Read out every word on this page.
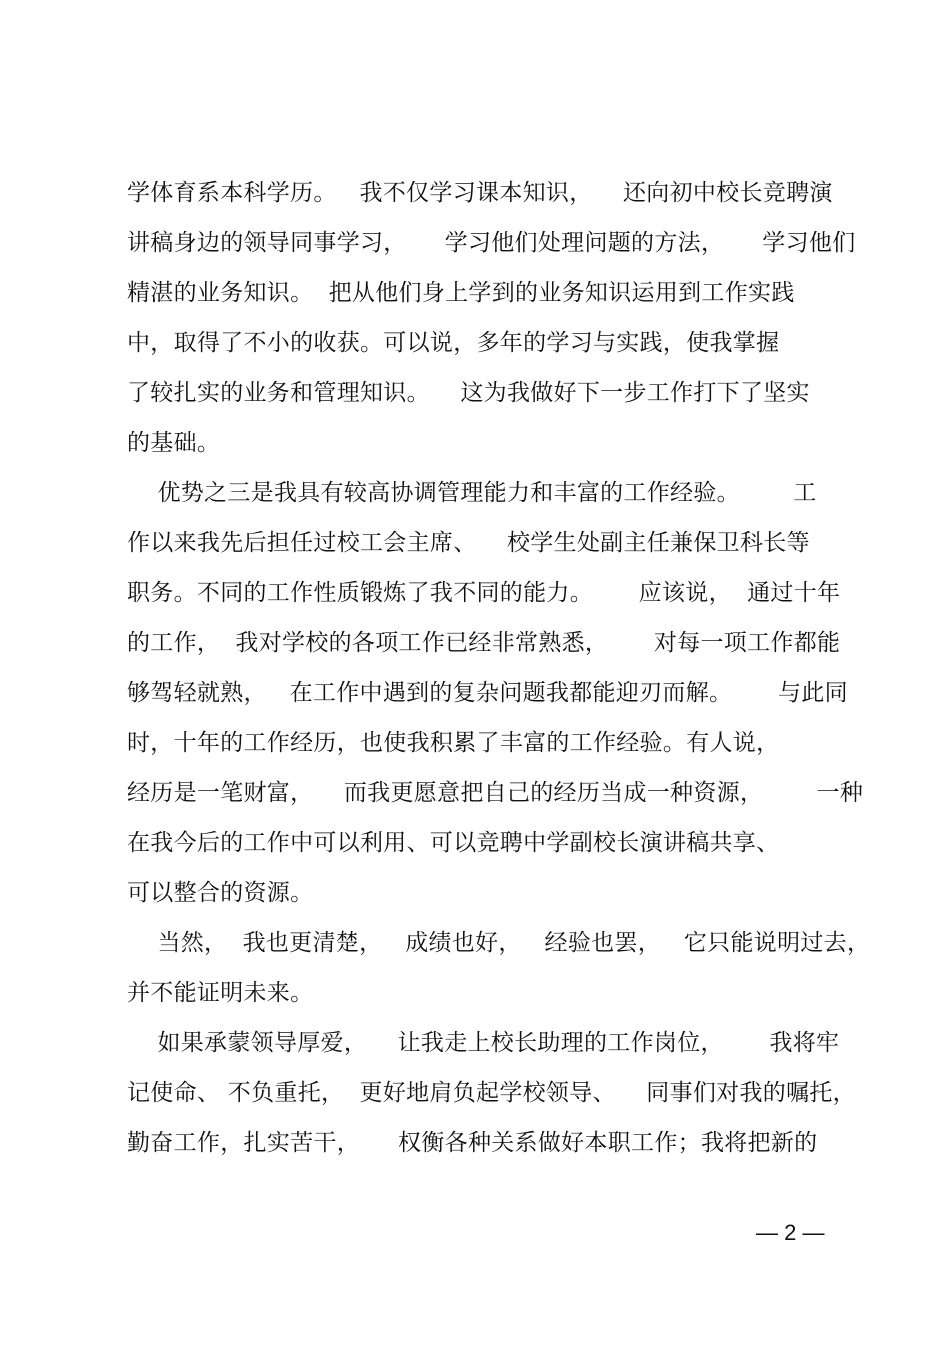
学体育系本科学历。   我不仅学习课本知识，    还向初中校长竞聘演
讲稿身边的领导同事学习，     学习他们处理问题的方法，     学习他们
精湛的业务知识。  把从他们身上学到的业务知识运用到工作实践
中，取得了不小的收获。可以说，多年的学习与实践，使我掌握
了较扎实的业务和管理知识。    这为我做好下一步工作打下了坚实
的基础。
优势之三是我具有较高协调管理能力和丰富的工作经验。       工
作以来我先后担任过校工会主席、    校学生处副主任兼保卫科长等
职务。不同的工作性质锻炼了我不同的能力。      应该说，  通过十年
的工作，  我对学校的各项工作已经非常熟悉，      对每一项工作都能
够驾轻就熟，   在工作中遇到的复杂问题我都能迎刃而解。      与此同
时，十年的工作经历，也使我积累了丰富的工作经验。有人说，
经历是一笔财富，    而我更愿意把自己的经历当成一种资源，       一种
在我今后的工作中可以利用、可以竞聘中学副校长演讲稿共享、
可以整合的资源。
当然，  我也更清楚，   成绩也好，   经验也罢，   它只能说明过去，
并不能证明未来。
如果承蒙领导厚爱，    让我走上校长助理的工作岗位，      我将牢
记使命、 不负重托，  更好地肩负起学校领导、    同事们对我的嘱托，
勤奋工作，扎实苦干，     权衡各种关系做好本职工作；我将把新的
— 2 —
